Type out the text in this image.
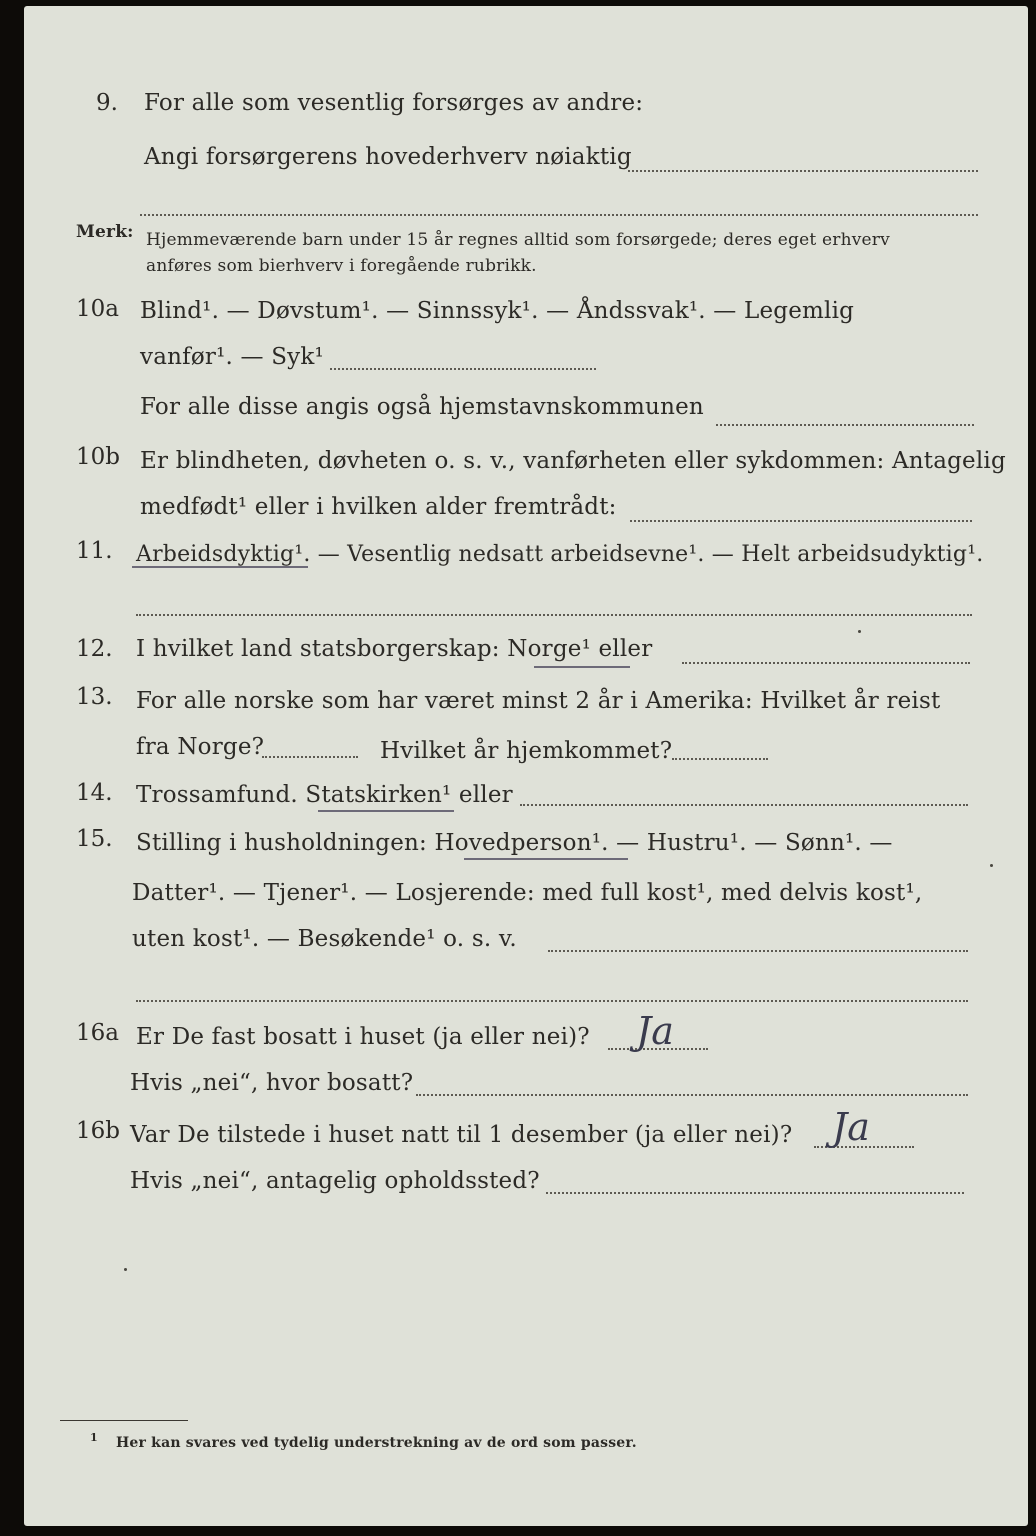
9. For alle som vesentlig forsørges av andre:
Angi forsørgerens hovederhverv nøiaktig
Merk: Hjemmeværende barn under 15 år regnes alltid som forsørgede; deres eget erhverv
anføres som bierhverv i foregående rubrikk.
10a Blind¹. — Døvstum¹. — Sinnssyk¹. — Åndssvak¹. — Legemlig
vanfør¹. — Syk¹
For alle disse angis også hjemstavnskommunen
10b Er blindheten, døvheten o. s. v., vanførheten eller sykdommen: Antagelig
medfødt¹ eller i hvilken alder fremtrådt:
11. Arbeidsdyktig¹. — Vesentlig nedsatt arbeidsevne¹. — Helt arbeidsudyktig¹.
12. I hvilket land statsborgerskap: Norge¹ eller
13. For alle norske som har været minst 2 år i Amerika: Hvilket år reist
fra Norge?	Hvilket år hjemkommet?
14. Trossamfund. Statskirken¹ eller
15. Stilling i husholdningen: Hovedperson¹. — Hustru¹. — Sønn¹. —
Datter¹. — Tjener¹. — Losjerende: med full kost¹, med delvis kost¹,
uten kost¹. — Besøkende¹ o. s. v.
16a Er De fast bosatt i huset (ja eller nei)? Ja
Hvis „nei“, hvor bosatt?
16b Var De tilstede i huset natt til 1 desember (ja eller nei)? Ja
Hvis „nei“, antagelig opholdssted?
1 Her kan svares ved tydelig understrekning av de ord som passer.
